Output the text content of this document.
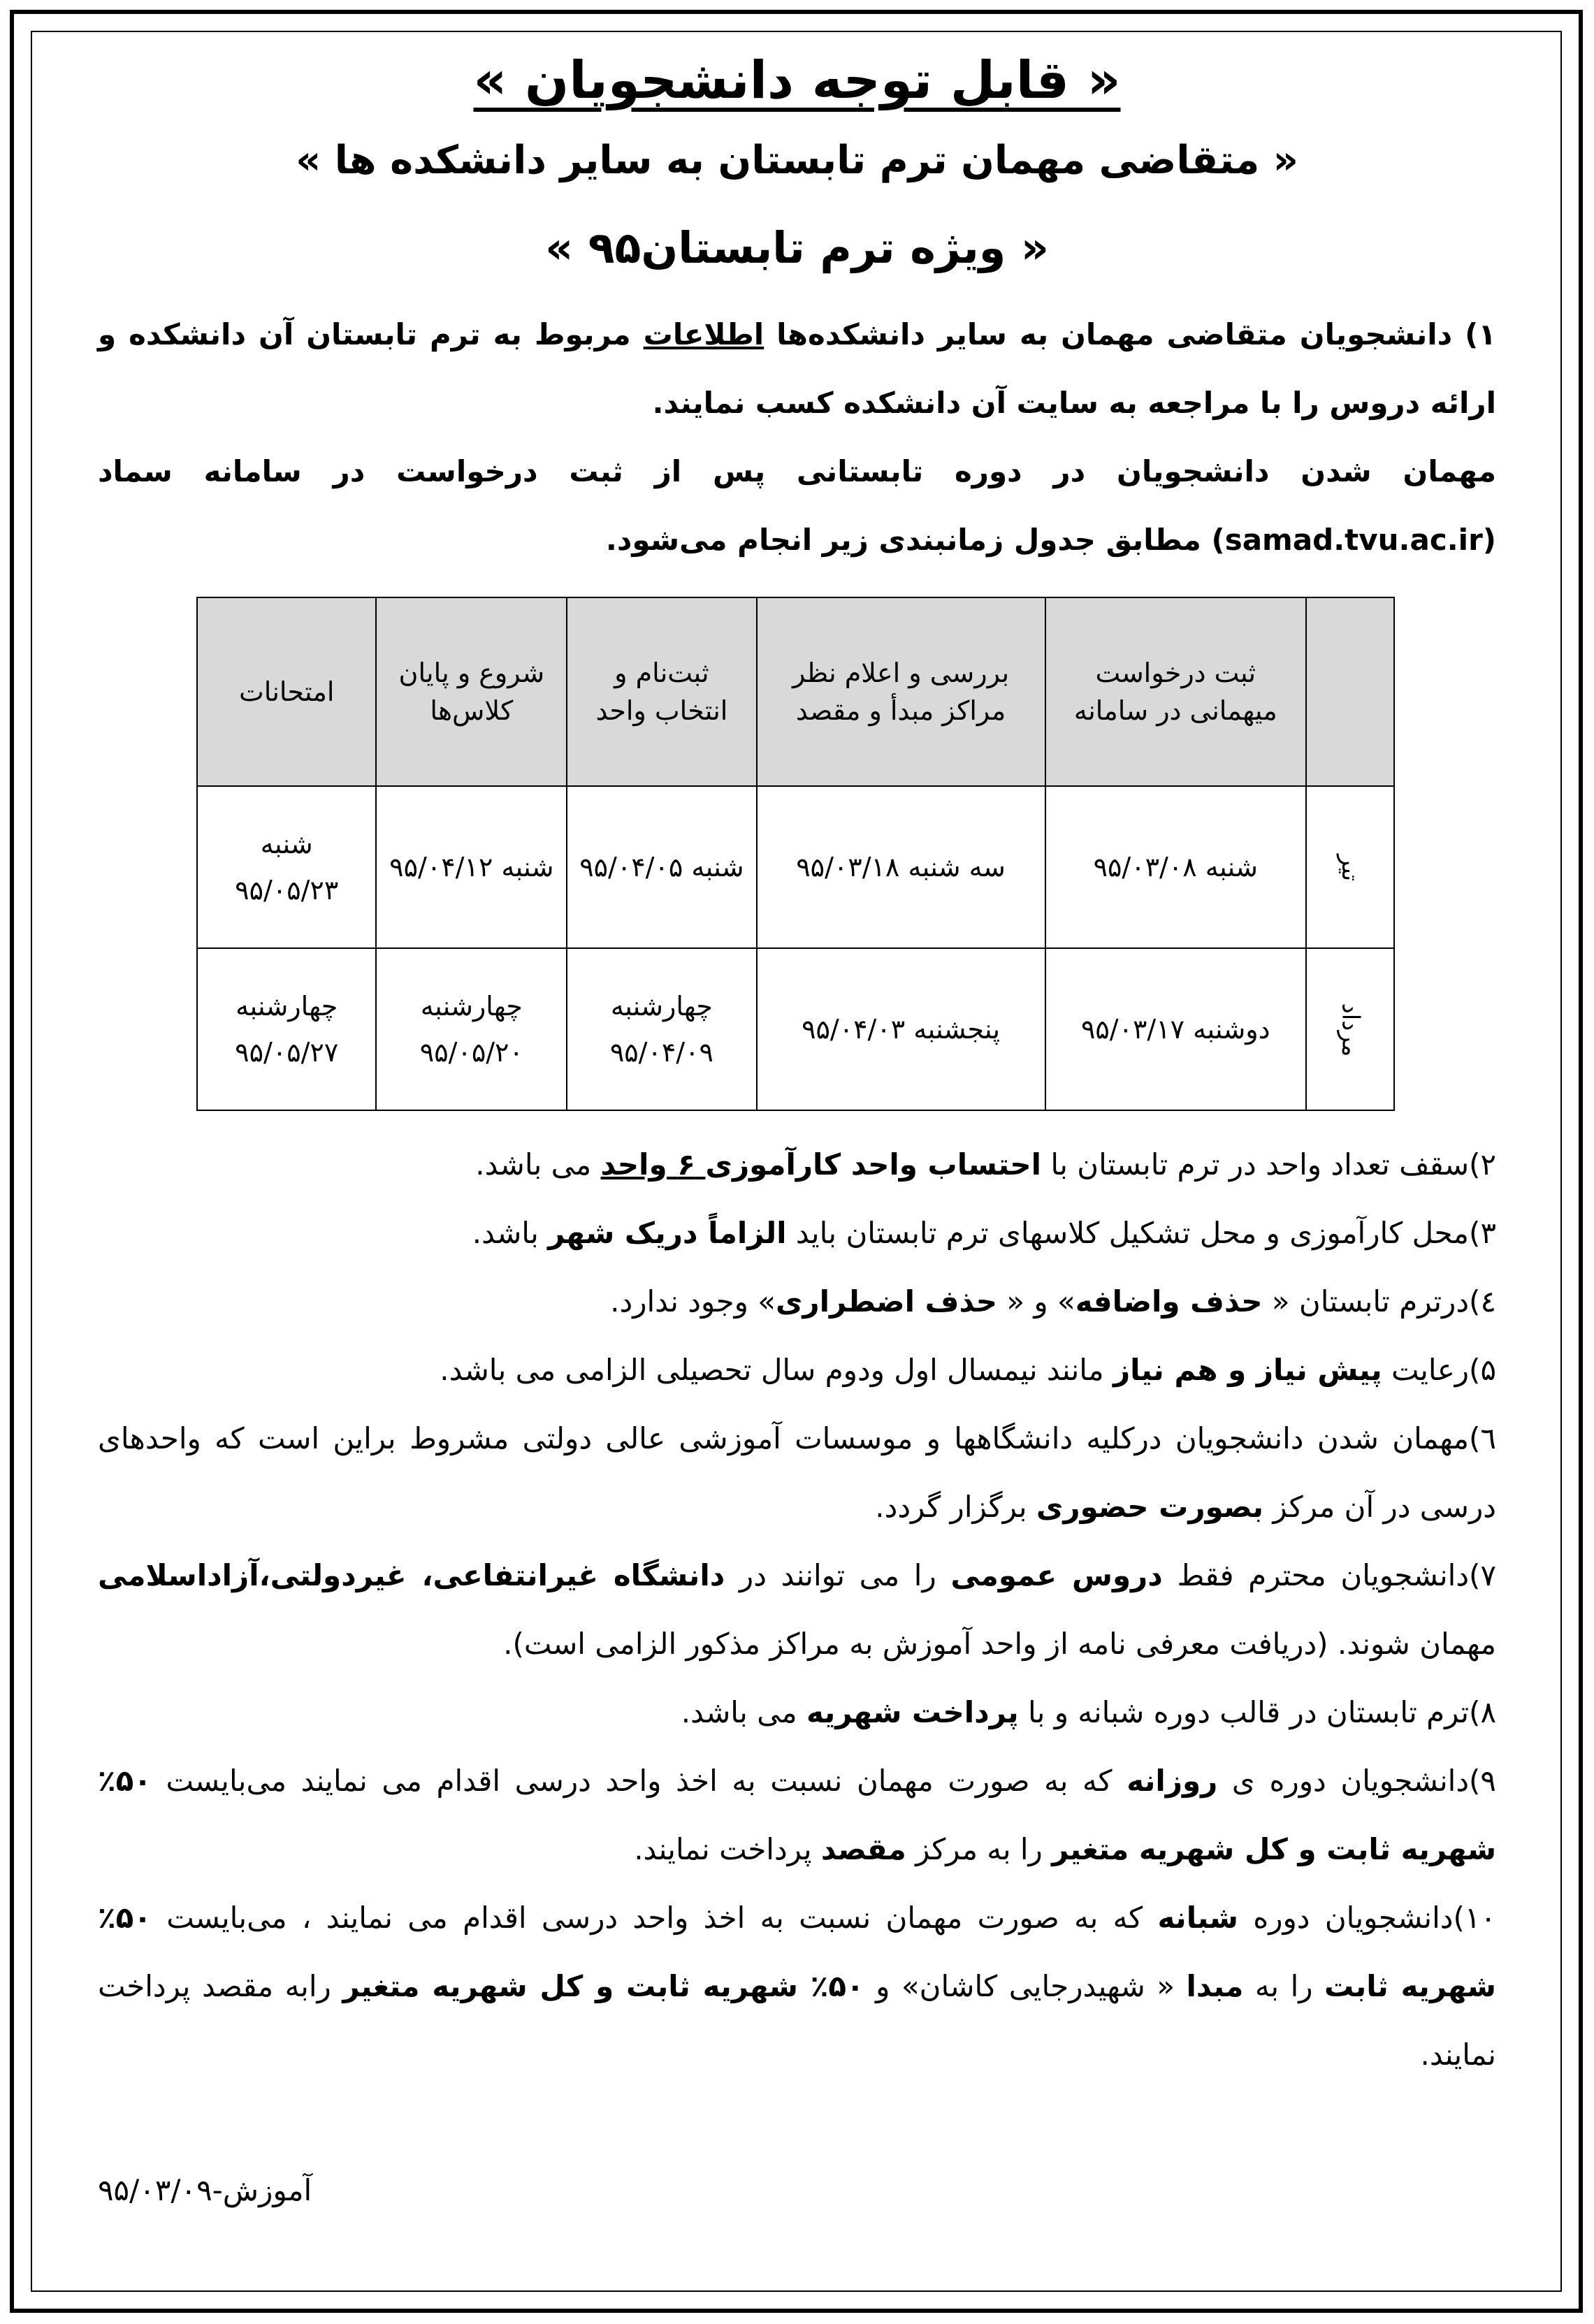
« قابل توجه دانشجویان »
« متقاضی مهمان ترم تابستان به سایر دانشکده ها »
« ویژه ترم تابستان۹۵ »

۱) دانشجویان متقاضی مهمان به سایر دانشکده‌ها اطلاعات مربوط به ترم تابستان آن دانشکده و ارائه دروس را با مراجعه به سایت آن دانشکده کسب نمایند.

مهمان شدن دانشجویان در دوره تابستانی پس از ثبت درخواست در سامانه سماد (samad.tvu.ac.ir) مطابق جدول زمانبندی زیر انجام می‌شود.

	ثبت درخواست میهمانی در سامانه	بررسی و اعلام نظر مراکز مبدأ و مقصد	ثبت‌نام و انتخاب واحد	شروع و پایان کلاس‌ها	امتحانات
تیر	شنبه ۹۵/۰۳/۰۸	سه شنبه ۹۵/۰۳/۱۸	شنبه ۹۵/۰۴/۰۵	شنبه ۹۵/۰۴/۱۲	شنبه ۹۵/۰۵/۲۳
مرداد	دوشنبه ۹۵/۰۳/۱۷	پنجشنبه ۹۵/۰۴/۰۳	چهارشنبه ۹۵/۰۴/۰۹	چهارشنبه ۹۵/۰۵/۲۰	چهارشنبه ۹۵/۰۵/۲۷

۲)سقف تعداد واحد در ترم تابستان با احتساب واحد کارآموزی ۶ واحد می باشد.

۳)محل کارآموزی و محل تشکیل کلاسهای ترم تابستان باید الزاماً دریک شهر باشد.

٤)درترم تابستان « حذف واضافه» و « حذف اضطراری» وجود ندارد.

۵)رعایت پیش نیاز و هم نیاز مانند نیمسال اول ودوم سال تحصیلی الزامی می باشد.

٦)مهمان شدن دانشجویان درکلیه دانشگاهها و موسسات آموزشی عالی دولتی مشروط براین است که واحدهای درسی در آن مرکز بصورت حضوری برگزار گردد.

۷)دانشجویان محترم فقط دروس عمومی را می توانند در دانشگاه غیرانتفاعی، غیردولتی،آزاداسلامی مهمان شوند. (دریافت معرفی نامه از واحد آموزش به مراکز مذکور الزامی است).

۸)ترم تابستان در قالب دوره شبانه و با پرداخت شهریه می باشد.

۹)دانشجویان دوره ی روزانه که به صورت مهمان نسبت به اخذ واحد درسی اقدام می نمایند می‌بایست ۵۰٪ شهریه ثابت و کل شهریه متغیر را به مرکز مقصد پرداخت نمایند.

۱۰)دانشجویان دوره شبانه که به صورت مهمان نسبت به اخذ واحد درسی اقدام می نمایند ، می‌بایست ۵۰٪ شهریه ثابت را به مبدا « شهیدرجایی کاشان» و ۵۰٪ شهریه ثابت و کل شهریه متغیر رابه مقصد پرداخت نمایند.

آموزش-۹۵/۰۳/۰۹
